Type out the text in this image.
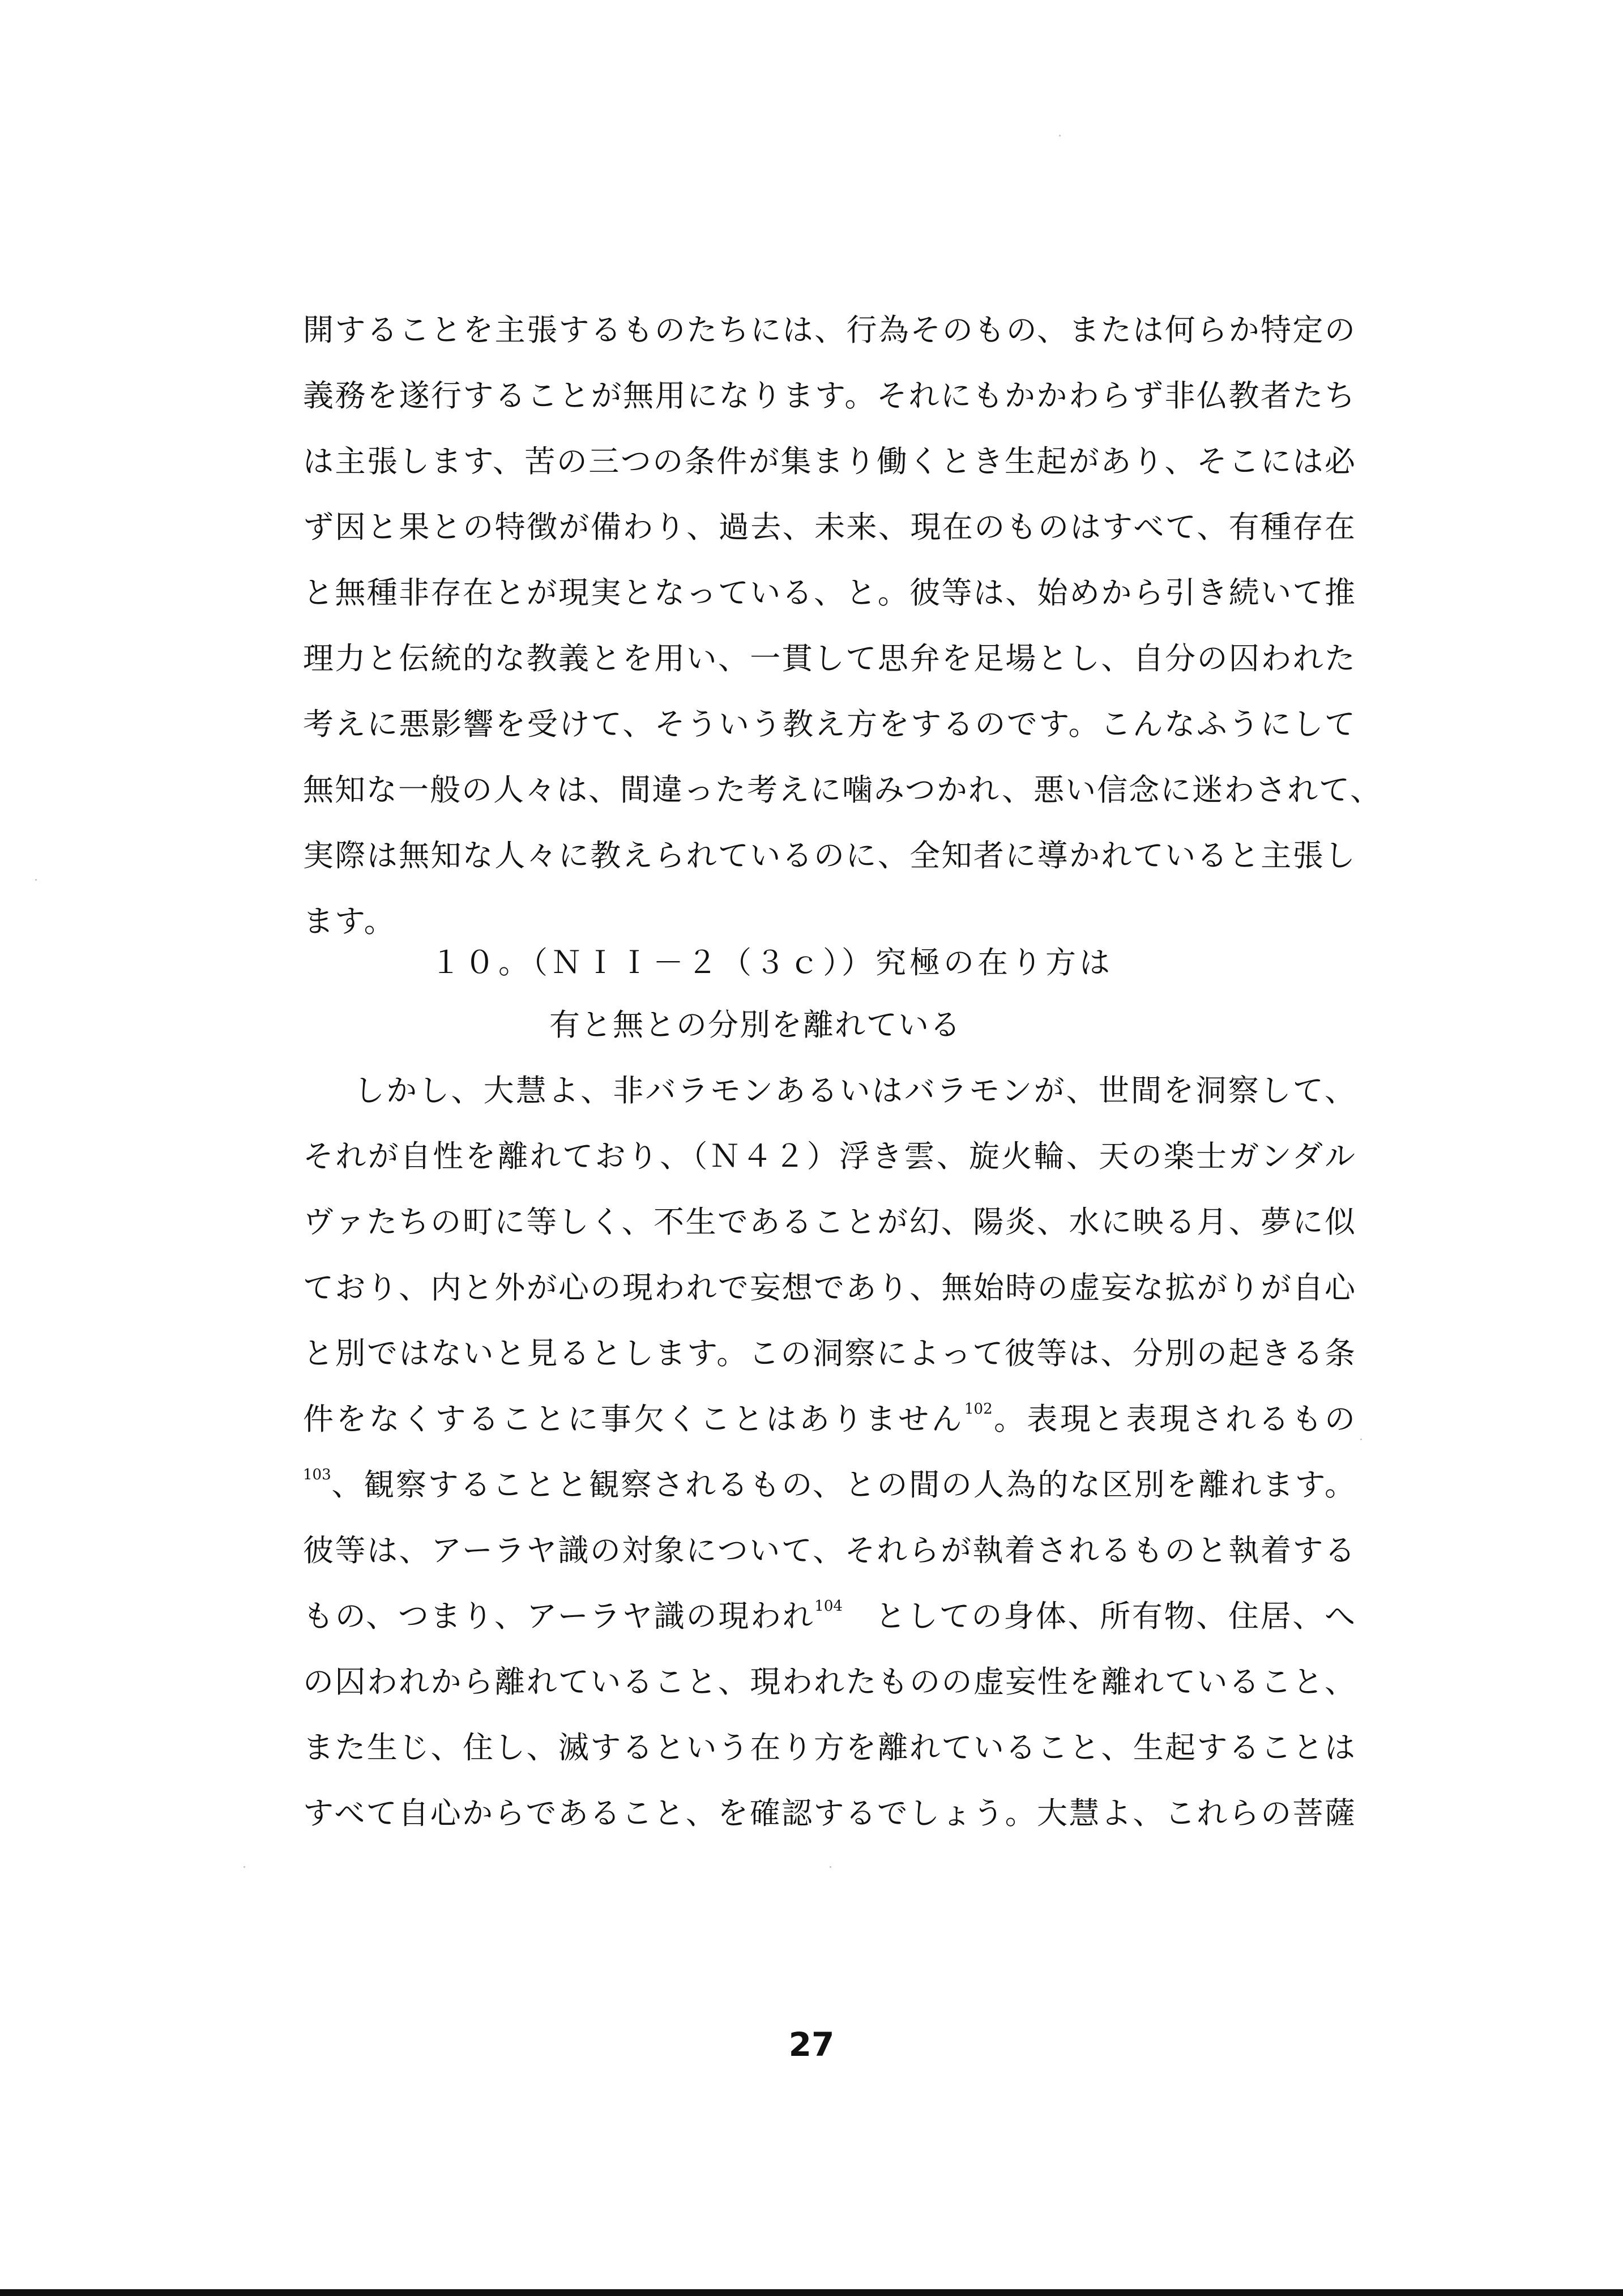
開することを主張するものたちには、行為そのもの、または何らか特定の
義務を遂行することが無用になります。それにもかかわらず非仏教者たち
は主張します、苦の三つの条件が集まり働くとき生起があり、そこには必
ず因と果との特徴が備わり、過去、未来、現在のものはすべて、有種存在
と無種非存在とが現実となっている、と。彼等は、始めから引き続いて推
理力と伝統的な教義とを用い、一貫して思弁を足場とし、自分の囚われた
考えに悪影響を受けて、そういう教え方をするのです。こんなふうにして
無知な一般の人々は、間違った考えに噛みつかれ、悪い信念に迷わされて、
実際は無知な人々に教えられているのに、全知者に導かれていると主張し
ます。
１０。（ＮＩＩ－２（３ｃ））究極の在り方は
有と無との分別を離れている
しかし、大慧よ、非バラモンあるいはバラモンが、世間を洞察して、
それが自性を離れており、（Ｎ４２）浮き雲、旋火輪、天の楽士ガンダル
ヴァたちの町に等しく、不生であることが幻、陽炎、水に映る月、夢に似
ており、内と外が心の現われで妄想であり、無始時の虚妄な拡がりが自心
と別ではないと見るとします。この洞察によって彼等は、分別の起きる条
件をなくすることに事欠くことはありません$^{102}$。表現と表現されるもの
$^{103}$、観察することと観察されるもの、との間の人為的な区別を離れます。
彼等は、アーラヤ識の対象について、それらが執着されるものと執着する
もの、つまり、アーラヤ識の現われ$^{104}$　としての身体、所有物、住居、へ
の囚われから離れていること、現われたものの虚妄性を離れていること、
また生じ、住し、滅するという在り方を離れていること、生起することは
すべて自心からであること、を確認するでしょう。大慧よ、これらの菩薩
27
